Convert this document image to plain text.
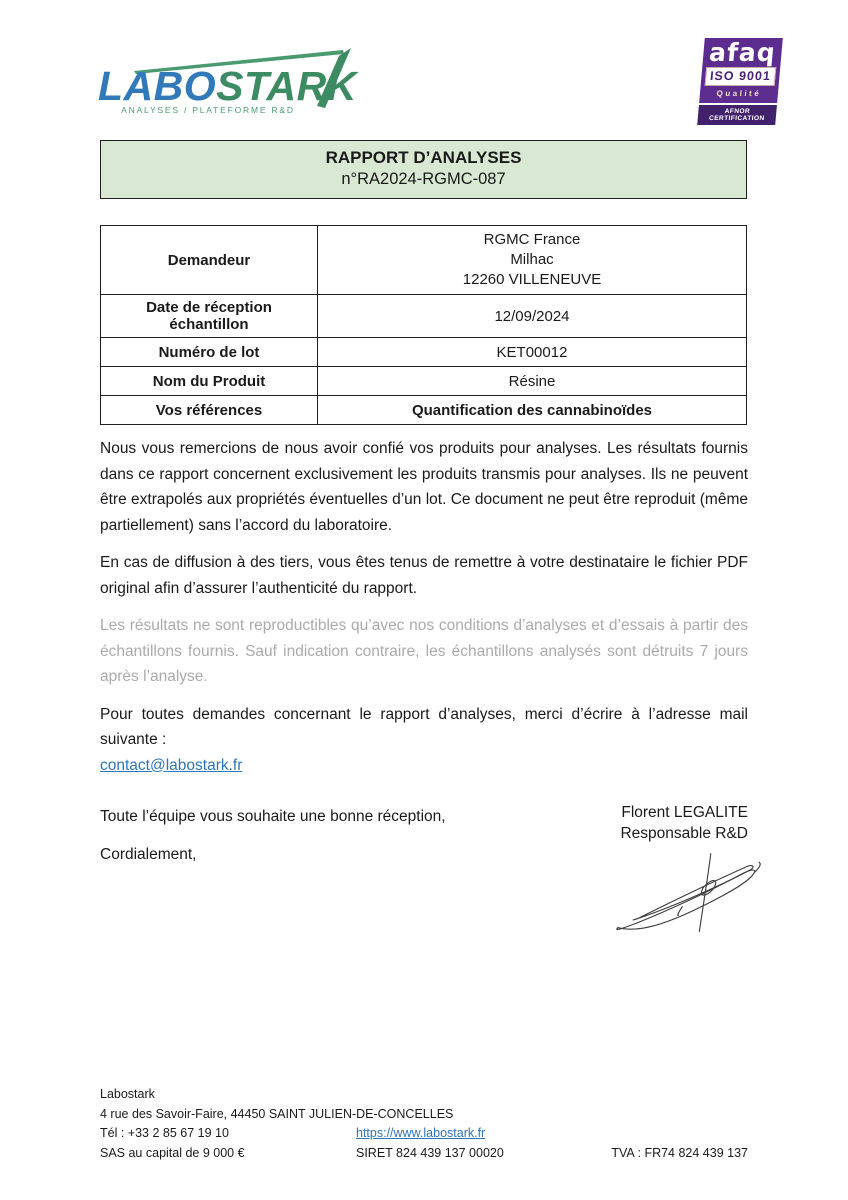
LABOSTARK
ANALYSES / PLATEFORME R&D
afaq
ISO 9001
Qualité
AFNOR CERTIFICATION
RAPPORT D’ANALYSES
n°RA2024-RGMC-087
Demandeur	RGMC France
Milhac
12260 VILLENEUVE

Date de réception échantillon	12/09/2024
Numéro de lot	KET00012
Nom du Produit	Résine
Vos références	Quantification des cannabinoïdes

Nous vous remercions de nous avoir confié vos produits pour analyses. Les résultats fournis dans ce rapport concernent exclusivement les produits transmis pour analyses. Ils ne peuvent être extrapolés aux propriétés éventuelles d’un lot. Ce document ne peut être reproduit (même partiellement) sans l’accord du laboratoire.

En cas de diffusion à des tiers, vous êtes tenus de remettre à votre destinataire le fichier PDF original afin d’assurer l’authenticité du rapport.

Les résultats ne sont reproductibles qu’avec nos conditions d’analyses et d’essais à partir des échantillons fournis. Sauf indication contraire, les échantillons analysés sont détruits 7 jours après l’analyse.

Pour toutes demandes concernant le rapport d’analyses, merci d’écrire à l’adresse mail suivante :
contact@labostark.fr

Toute l’équipe vous souhaite une bonne réception,

Cordialement,

Florent LEGALITE
Responsable R&D
Labostark
4 rue des Savoir-Faire, 44450 SAINT JULIEN-DE-CONCELLES
Tél : +33 2 85 67 19 10	https://www.labostark.fr
SAS au capital de 9 000 €	SIRET 824 439 137 00020	TVA : FR74 824 439 137
